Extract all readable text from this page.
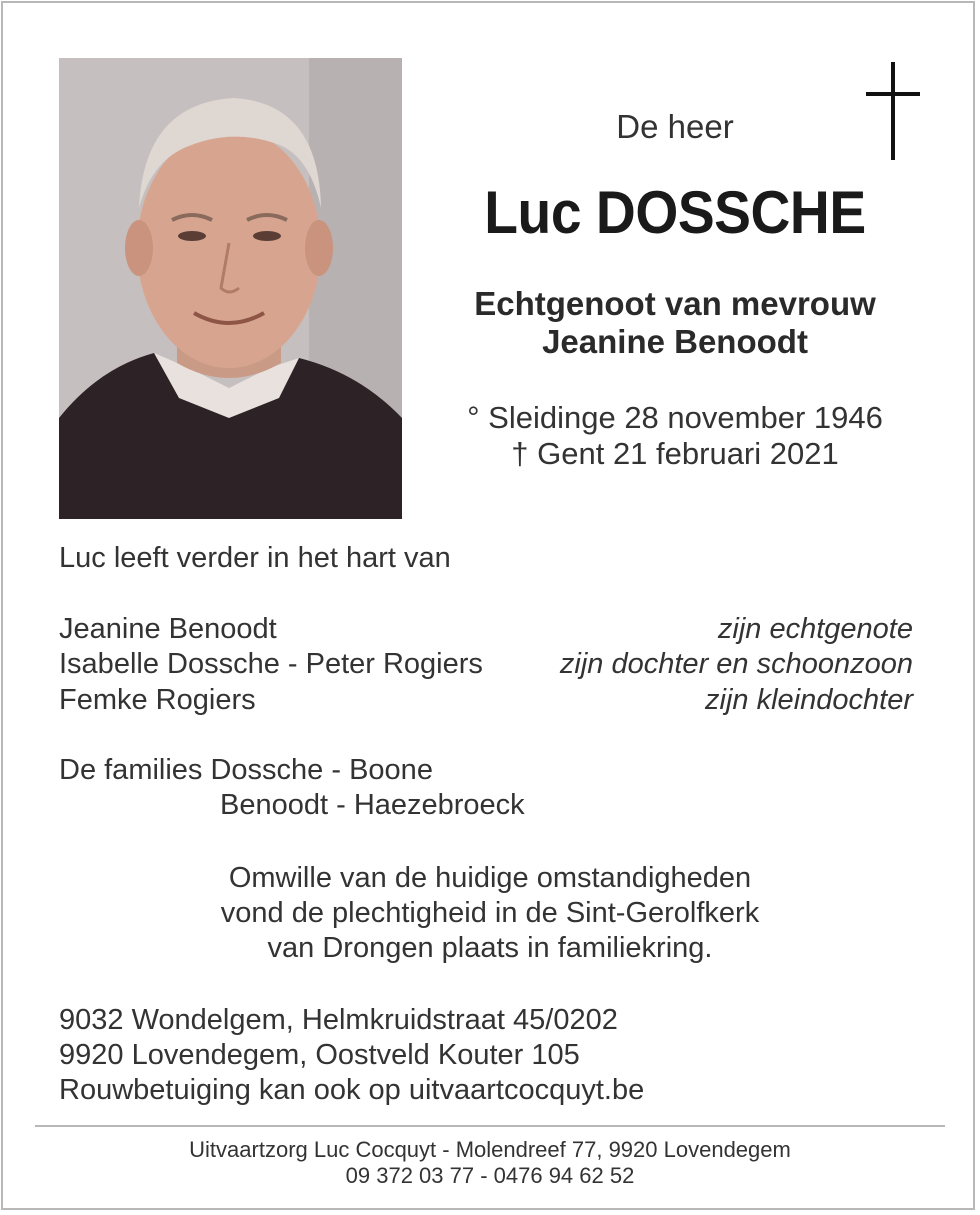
De heer
Luc DOSSCHE
Echtgenoot van mevrouw
Jeanine Benoodt
° Sleidinge 28 november 1946
† Gent 21 februari 2021
Luc leeft verder in het hart van
Jeanine Benoodt	zijn echtgenote
Isabelle Dossche - Peter Rogiers	zijn dochter en schoonzoon
Femke Rogiers	zijn kleindochter
De families Dossche - Boone
Benoodt - Haezebroeck
Omwille van de huidige omstandigheden
vond de plechtigheid in de Sint-Gerolfkerk
van Drongen plaats in familiekring.
9032 Wondelgem, Helmkruidstraat 45/0202
9920 Lovendegem, Oostveld Kouter 105
Rouwbetuiging kan ook op uitvaartcocquyt.be
Uitvaartzorg Luc Cocquyt - Molendreef 77, 9920 Lovendegem
09 372 03 77 - 0476 94 62 52
